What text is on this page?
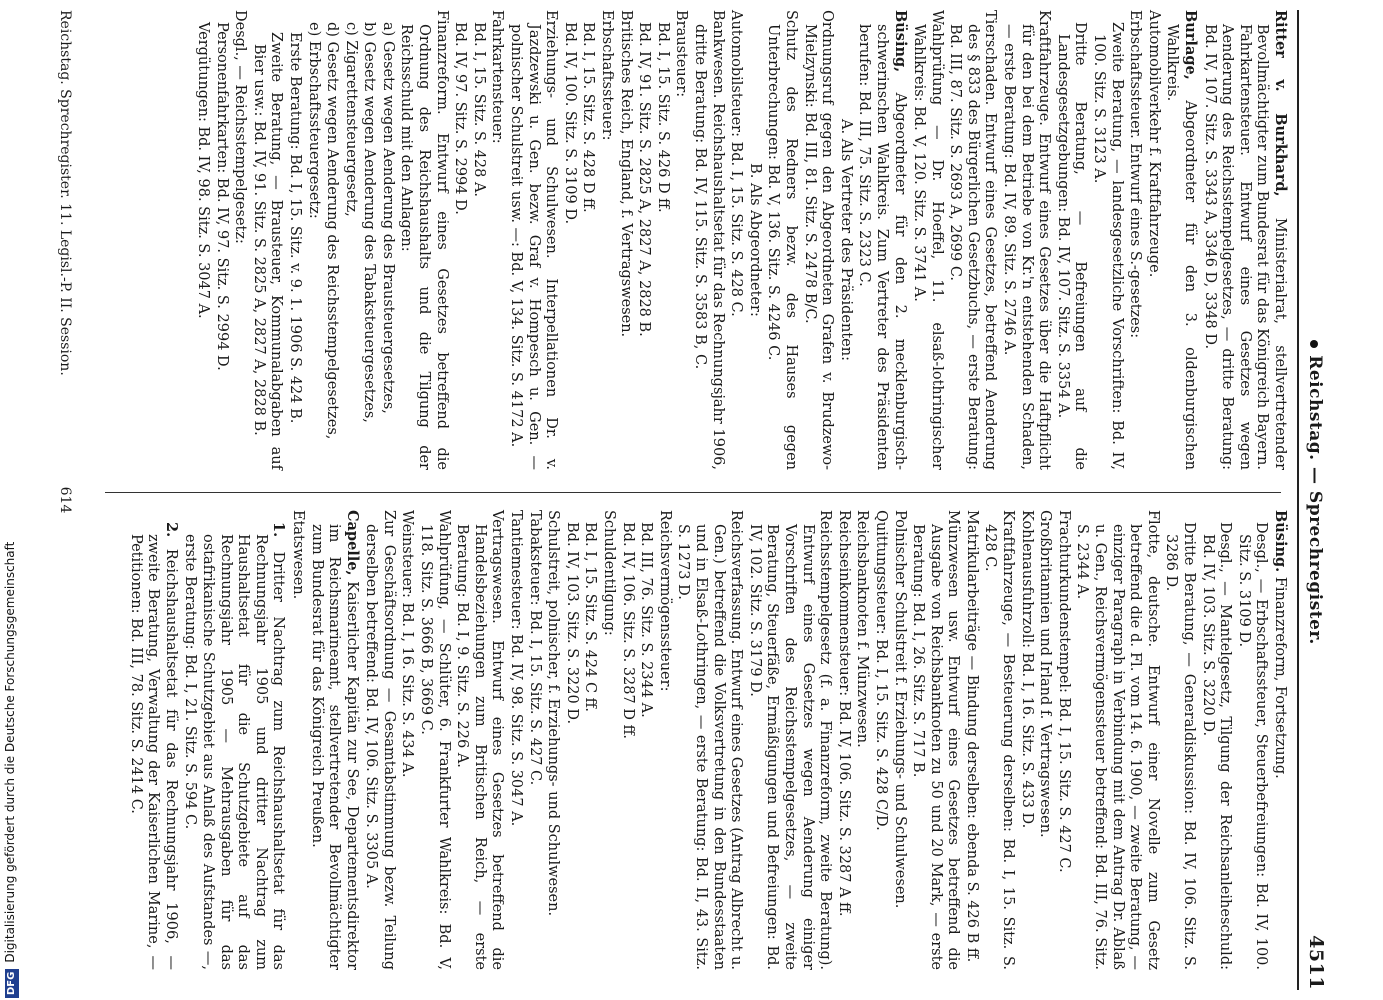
Reichstag. — Sprechregister.
4511
Ritter v. Burkhard, Ministerialrat, stellvertretender Bevollmächtigter zum Bundesrat für das Königreich Bayern. Fahrkartensteuer. Entwurf eines Gesetzes wegen Aenderung des Reichsstempelgesetzes, — dritte Beratung: Bd. IV, 107. Sitz. S. 3343 A, 3346 D, 3348 D.
Burlage, Abgeordneter für den 3. oldenburgischen Wahlkreis.
Automobilverkehr f. Kraftfahrzeuge.
Erbschaftssteuer. Entwurf eines S.-gesetzes:
Zweite Beratung, — landesgesetzliche Vorschriften: Bd. IV, 100. Sitz. S. 3123 A.
Dritte Beratung, — Befreiungen auf die Landesgesetzgebungen: Bd. IV, 107. Sitz. S. 3354 A.
Kraftfahrzeuge. Entwurf eines Gesetzes über die Haftpflicht für den bei dem Betriebe von Kr.'n entstehenden Schaden, — erste Beratung: Bd. IV, 89. Sitz. S. 2746 A.
Tierschaden. Entwurf eines Gesetzes, betreffend Aenderung des § 833 des Bürgerlichen Gesetzbuchs, — erste Beratung: Bd. III, 87. Sitz. S. 2693 A, 2699 C.
Wahlprüfung — Dr. Hoeffel, 11. elsaß-lothringischer Wahlkreis: Bd. V, 120. Sitz. S. 3741 A.
Büsing, Abgeordneter für den 2. mecklenburgisch-schwerinschen Wahlkreis. Zum Vertreter des Präsidenten berufen: Bd. III, 75. Sitz. S. 2323 C.
A. Als Vertreter des Präsidenten:
Ordnungsruf gegen den Abgeordneten Grafen v. Brudzewo-Mielzynski: Bd. III, 81. Sitz. S. 2478 B/C.
Schutz des Redners bezw. des Hauses gegen Unterbrechungen: Bd. V, 136. Sitz. S. 4246 C.
B. Als Abgeordneter:
Automobilsteuer: Bd. I, 15. Sitz. S. 428 C.
Bankwesen. Reichshaushaltsetat für das Rechnungsjahr 1906, dritte Beratung: Bd. IV, 115. Sitz. S. 3583 B, C.
Brausteuer:
Bd. I, 15. Sitz. S. 426 D ff.
Bd. IV, 91. Sitz. S. 2825 A, 2827 A, 2828 B.
Britisches Reich, England, f. Vertragswesen.
Erbschaftssteuer:
Bd. I, 15. Sitz. S. 428 D ff.
Bd. IV, 100. Sitz. S. 3109 D.
Erziehungs- und Schulwesen. Interpellationen Dr. v. Jazdzewski u. Gen. bezw. Graf v. Hompesch u. Gen. — polnischer Schulstreit usw. —: Bd. V, 134. Sitz. S. 4172 A.
Fahrkartensteuer:
Bd. I, 15. Sitz. S. 428 A.
Bd. IV, 97. Sitz. S. 2994 D.
Finanzreform. Entwurf eines Gesetzes betreffend die Ordnung des Reichshaushalts und die Tilgung der Reichsschuld mit den Anlagen:
a) Gesetz wegen Aenderung des Brausteuergesetzes,
b) Gesetz wegen Aenderung des Tabaksteuergesetzes,
c) Zigarettensteuergesetz,
d) Gesetz wegen Aenderung des Reichsstempelgesetzes,
e) Erbschaftssteuergesetz:
Erste Beratung: Bd. I, 15. Sitz. v. 9. 1. 1906 S. 424 B.
Zweite Beratung, — Brausteuer, Kommunalabgaben auf Bier usw.: Bd. IV, 91. Sitz. S. 2825 A, 2827 A, 2828 B.
Desgl., — Reichsstempelgesetz:
Personenfahrkarten: Bd. IV, 97. Sitz. S. 2994 D.
Vergütungen: Bd. IV, 98. Sitz. S. 3047 A.
Büsing. Finanzreform, Fortsetzung.
Desgl., — Erbschaftssteuer, Steuerbefreiungen: Bd. IV, 100. Sitz. S. 3109 D.
Desgl., — Mantelgesetz, Tilgung der Reichsanleiheschuld: Bd. IV, 103. Sitz. S. 3220 D.
Dritte Beratung, — Generaldiskussion: Bd. IV, 106. Sitz. S. 3286 D.
Flotte, deutsche. Entwurf einer Novelle zum Gesetz betreffend die d. Fl. vom 14. 6. 1900, — zweite Beratung, — einziger Paragraph in Verbindung mit dem Antrag Dr. Ablaß u. Gen., Reichsvermögenssteuer betreffend: Bd. III, 76. Sitz. S. 2344 A.
Frachturkundenstempel: Bd. I, 15. Sitz. S. 427 C.
Großbritannien und Irland f. Vertragswesen.
Kohlenausfuhrzoll: Bd. I, 16. Sitz. S. 433 D.
Kraftfahrzeuge, — Besteuerung derselben: Bd. I, 15. Sitz. S. 428 C.
Matrikularbeiträge — Bindung derselben: ebenda S. 426 B ff.
Münzwesen usw. Entwurf eines Gesetzes betreffend die Ausgabe von Reichsbanknoten zu 50 und 20 Mark, — erste Beratung: Bd. I, 26. Sitz. S. 717 B.
Polnischer Schulstreit f. Erziehungs- und Schulwesen.
Quittungssteuer: Bd. I, 15. Sitz. S. 428 C/D.
Reichsbanknoten f. Münzwesen.
Reichseinkommensteuer: Bd. IV, 106. Sitz. S. 3287 A ff.
Reichsstempelgesetz (f. a. Finanzreform, zweite Beratung). Entwurf eines Gesetzes wegen Aenderung einiger Vorschriften des Reichsstempelgesetzes, — zweite Beratung, Steuerfäße, Ermäßigungen und Befreiungen: Bd. IV, 102. Sitz. S. 3179 D.
Reichsverfassung. Entwurf eines Gesetzes (Antrag Albrecht u. Gen.) betreffend die Volksvertretung in den Bundesstaaten und in Elsaß-Lothringen, — erste Beratung: Bd. II, 43. Sitz. S. 1273 D.
Reichsvermögenssteuer:
Bd. III, 76. Sitz. S. 2344 A.
Bd. IV, 106. Sitz. S. 3287 D ff.
Schuldentilgung:
Bd. I, 15. Sitz. S. 424 C ff.
Bd. IV, 103. Sitz. S. 3220 D.
Schulstreit, polnischer, f. Erziehungs- und Schulwesen.
Tabaksteuer: Bd. I, 15. Sitz. S. 427 C.
Tantiemesteuer: Bd. IV, 98. Sitz. S. 3047 A.
Vertragswesen. Entwurf eines Gesetzes betreffend die Handelsbeziehungen zum Britischen Reich, — erste Beratung: Bd. I, 9. Sitz. S. 226 A.
Wahlprüfung, — Schlüter, 6. Frankfurter Wahlkreis: Bd. V, 118. Sitz. S. 3666 B, 3669 C.
Weinsteuer: Bd. I, 16. Sitz. S. 434 A.
Zur Geschäftsordnung — Gesamtabstimmung bezw. Teilung derselben betreffend: Bd. IV, 106. Sitz. S. 3305 A.
Capelle, Kaiserlicher Kapitän zur See, Departementsdirektor im Reichsmarineamt, stellvertretender Bevollmächtigter zum Bundesrat für das Königreich Preußen.
Etatswesen.
1. Dritter Nachtrag zum Reichshaushaltsetat für das Rechnungsjahr 1905 und dritter Nachtrag zum Haushaltsetat für die Schutzgebiete auf das Rechnungsjahr 1905 — Mehrausgaben für das ostafrikanische Schutzgebiet aus Anlaß des Aufstandes —, erste Beratung: Bd. I, 21. Sitz. S. 594 C.
2. Reichshaushaltsetat für das Rechnungsjahr 1906, — zweite Beratung, Verwaltung der Kaiserlichen Marine, — Petitionen: Bd. III, 78. Sitz. S. 2414 C.
Reichstag. Sprechregister. 11. Legisl.-P. II. Session.
614
DFGDigitalisierung gefördert durch die Deutsche Forschungsgemeinschaft
